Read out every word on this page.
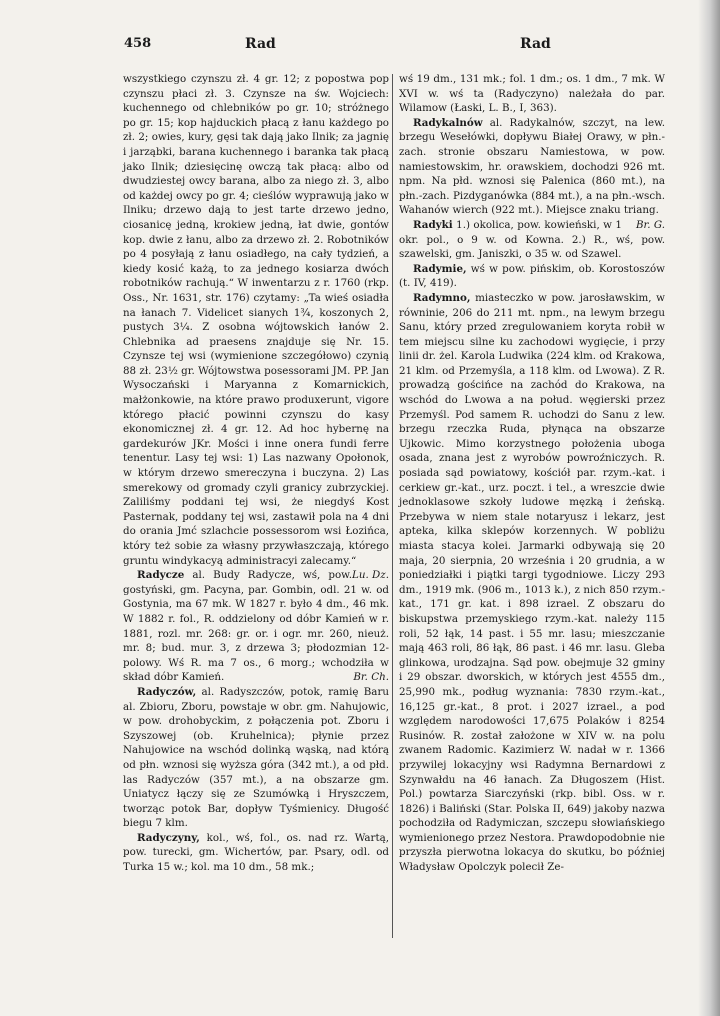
458	Rad	Rad

wszystkiego czynszu zł. 4 gr. 12; z popostwa pop czynszu płaci zł. 3. Czynsze na św. Wojciech: kuchennego od chlebników po gr. 10; stróżnego po gr. 15; kop hajduckich płacą z łanu każdego po zł. 2; owies, kury, gęsi tak dają jako Ilnik; za jagnię i jarząbki, barana kuchennego i baranka tak płacą jako Ilnik; dziesięcinę owczą tak płacą: albo od dwudziestej owcy barana, albo za niego zł. 3, albo od każdej owcy po gr. 4; cieślów wyprawują jako w Ilniku; drzewo dają to jest tarte drzewo jedno, ciosanicę jedną, krokiew jedną, łat dwie, gontów kop. dwie z łanu, albo za drzewo zł. 2. Robotników po 4 posyłają z łanu osiadłego, na cały tydzień, a kiedy kosić każą, to za jednego kosiarza dwóch robotników rachują.“ W inwentarzu z r. 1760 (rkp. Oss., Nr. 1631, str. 176) czytamy: „Ta wieś osiadła na łanach 7. Videlicet sianych 1¾, koszonych 2, pustych 3¼. Z osobna wójtowskich łanów 2. Chlebnika ad praesens znajduje się Nr. 15. Czynsze tej wsi (wymienione szczegółowo) czynią 88 zł. 23½ gr. Wójtowstwa posessorami JM. PP. Jan Wysoczański i Maryanna z Komarnickich, małżonkowie, na które prawo produxerunt, vigore którego płacić powinni czynszu do kasy ekonomicznej zł. 4 gr. 12. Ad hoc hybernę na gardekurów JKr. Mości i inne onera fundi ferre tenentur. Lasy tej wsi: 1) Las nazwany Opołonok, w którym drzewo smereczyna i buczyna. 2) Las smerekowy od gromady czyli granicy zubrzyckiej. Zaliliśmy poddani tej wsi, że niegdyś Kost Pasternak, poddany tej wsi, zastawił pola na 4 dni do orania Jmć szlachcie possessorom wsi Łozińca, który też sobie za własny przywłaszczają, którego gruntu windykacyą administracyi zalecamy.“
Lu. Dz.

Radycze al. Budy Radycze, wś, pow. gostyński, gm. Pacyna, par. Gombin, odl. 21 w. od Gostynia, ma 67 mk. W 1827 r. było 4 dm., 46 mk. W 1882 r. fol., R. oddzielony od dóbr Kamień w r. 1881, rozl. mr. 268: gr. or. i ogr. mr. 260, nieuż. mr. 8; bud. mur. 3, z drzewa 3; płodozmian 12-polowy. Wś R. ma 7 os., 6 morg.; wchodziła w skład dóbr Kamień.	Br. Ch.

Radyczów, al. Radyszczów, potok, ramię Baru al. Zbioru, Zboru, powstaje w obr. gm. Nahujowic, w pow. drohobyckim, z połączenia pot. Zboru i Szyszowej (ob. Kruhelnica); płynie przez Nahujowice na wschód dolinką wąską, nad którą od płn. wznosi się wyższa góra (342 mt.), a od płd. las Radyczów (357 mt.), a na obszarze gm. Uniatycz łączy się ze Szumówką i Hryszczem, tworząc potok Bar, dopływ Tyśmienicy. Długość biegu 7 klm.

Radyczyny, kol., wś, fol., os. nad rz. Wartą, pow. turecki, gm. Wichertów, par. Psary, odl. od Turka 15 w.; kol. ma 10 dm., 58 mk.;

wś 19 dm., 131 mk.; fol. 1 dm.; os. 1 dm., 7 mk. W XVI w. wś ta (Radyczyno) należała do par. Wilamow (Łaski, L. B., I, 363).

Radykalnów al. Radykalnów, szczyt, na lew. brzegu Wesełówki, dopływu Białej Orawy, w płn.-zach. stronie obszaru Namiestowa, w pow. namiestowskim, hr. orawskiem, dochodzi 926 mt. npm. Na płd. wznosi się Palenica (860 mt.), na płn.-zach. Pizdyganówka (884 mt.), a na płn.-wsch. Wahanów wierch (922 mt.). Miejsce znaku triang.
Br. G.

Radyki 1.) okolica, pow. kowieński, w 1 okr. pol., o 9 w. od Kowna. 2.) R., wś, pow. szawelski, gm. Janiszki, o 35 w. od Szawel.

Radymie, wś w pow. pińskim, ob. Korostoszów (t. IV, 419).

Radymno, miasteczko w pow. jarosławskim, w równinie, 206 do 211 mt. npm., na lewym brzegu Sanu, który przed zregulowaniem koryta robił w tem miejscu silne ku zachodowi wygięcie, i przy linii dr. żel. Karola Ludwika (224 klm. od Krakowa, 21 klm. od Przemyśla, a 118 klm. od Lwowa). Z R. prowadzą gościńce na zachód do Krakowa, na wschód do Lwowa a na połud. węgierski przez Przemyśl. Pod samem R. uchodzi do Sanu z lew. brzegu rzeczka Ruda, płynąca na obszarze Ujkowic. Mimo korzystnego położenia uboga osada, znana jest z wyrobów powroźniczych. R. posiada sąd powiatowy, kościół par. rzym.-kat. i cerkiew gr.-kat., urz. poczt. i tel., a wreszcie dwie jednoklasowe szkoły ludowe męzką i żeńską. Przebywa w niem stale notaryusz i lekarz, jest apteka, kilka sklepów korzennych. W pobliżu miasta stacya kolei. Jarmarki odbywają się 20 maja, 20 sierpnia, 20 września i 20 grudnia, a w poniedziałki i piątki targi tygodniowe. Liczy 293 dm., 1919 mk. (906 m., 1013 k.), z nich 850 rzym.-kat., 171 gr. kat. i 898 izrael. Z obszaru do biskupstwa przemyskiego rzym.-kat. należy 115 roli, 52 łąk, 14 past. i 55 mr. lasu; mieszczanie mają 463 roli, 86 łąk, 86 past. i 46 mr. lasu. Gleba glinkowa, urodzajna. Sąd pow. obejmuje 32 gminy i 29 obszar. dworskich, w których jest 4555 dm., 25,990 mk., podług wyznania: 7830 rzym.-kat., 16,125 gr.-kat., 8 prot. i 2027 izrael., a pod względem narodowości 17,675 Polaków i 8254 Rusinów. R. został założone w XIV w. na polu zwanem Radomic. Kazimierz W. nadał w r. 1366 przywilej lokacyjny wsi Radymna Bernardowi z Szynwałdu na 46 łanach. Za Długoszem (Hist. Pol.) powtarza Siarczyński (rkp. bibl. Oss. w r. 1826) i Baliński (Star. Polska II, 649) jakoby nazwa pochodziła od Radymiczan, szczepu słowiańskiego wymienionego przez Nestora. Prawdopodobnie nie przyszła pierwotna lokacya do skutku, bo później Władysław Opolczyk polecił Ze-
